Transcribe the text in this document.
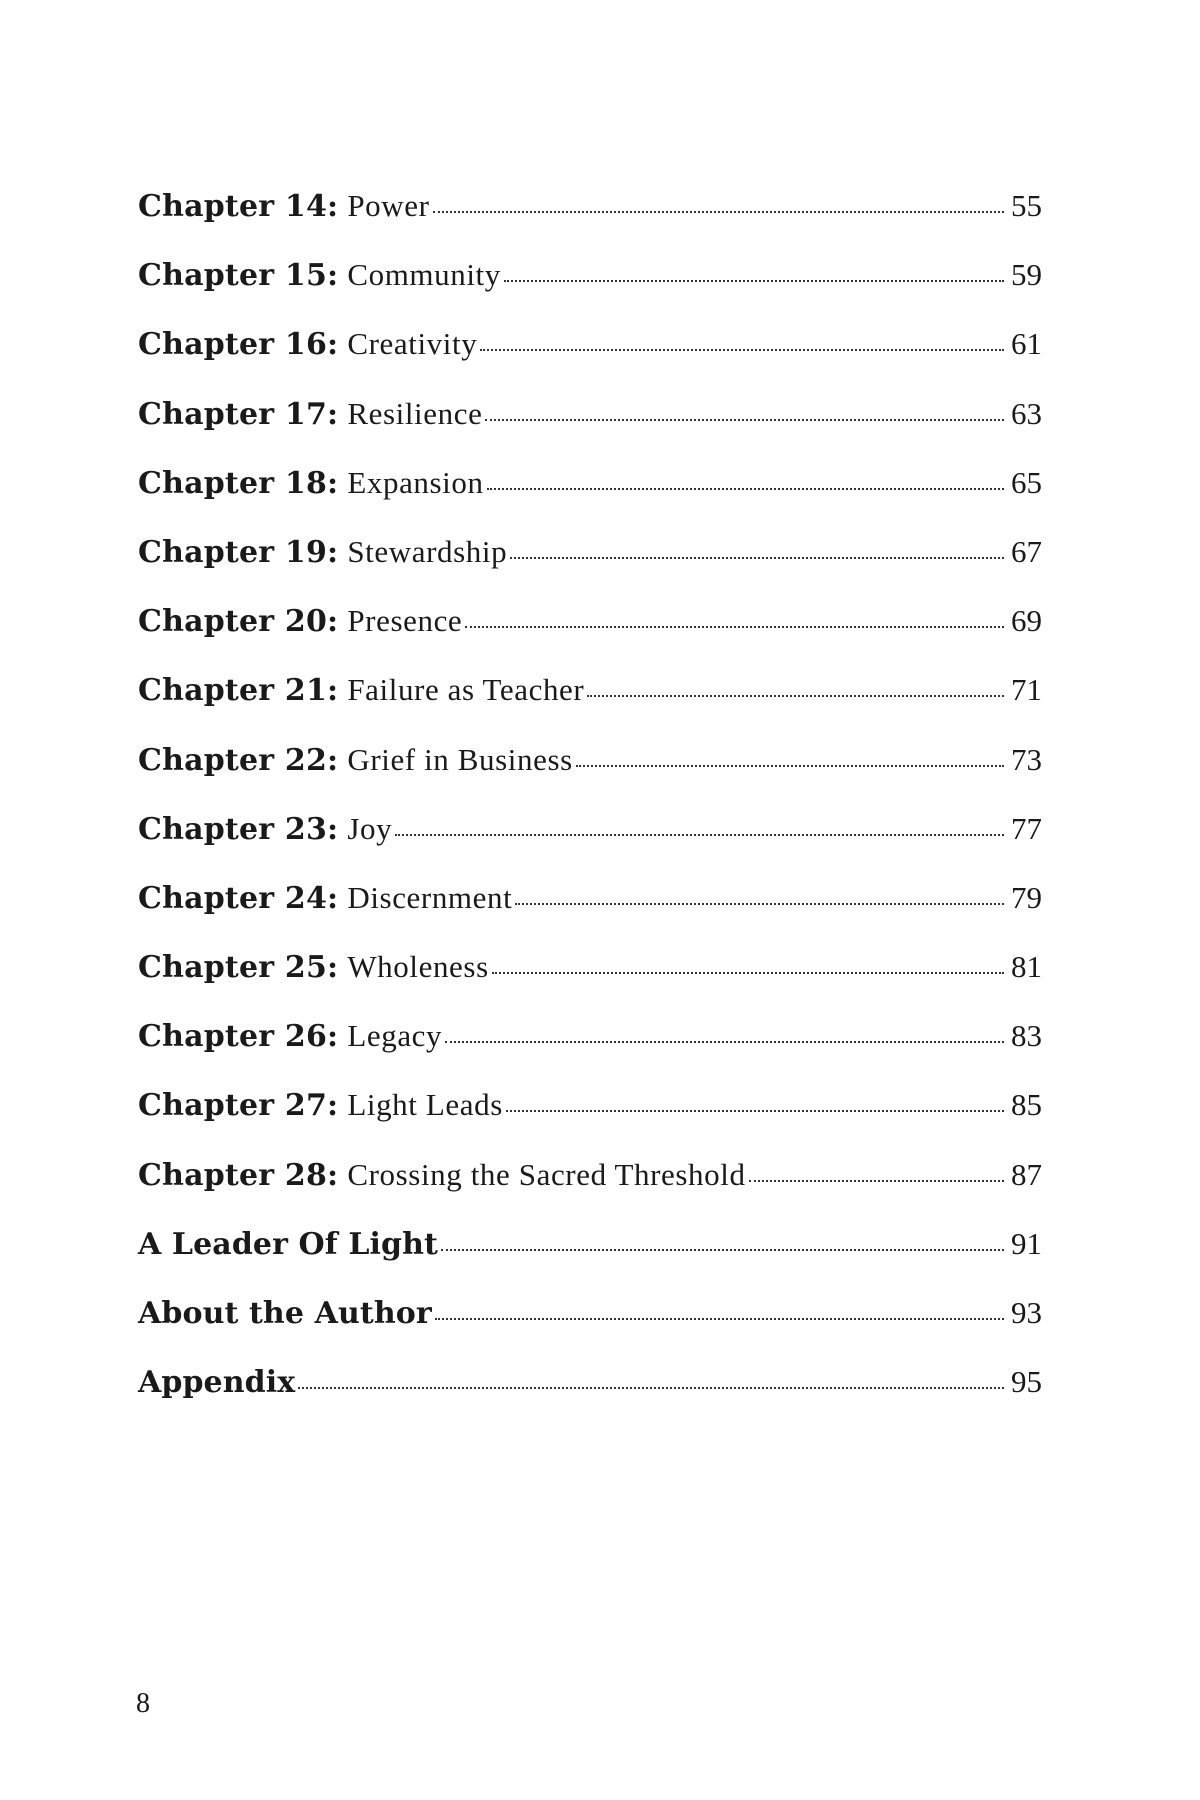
Chapter 14: Power	55
Chapter 15: Community	59
Chapter 16: Creativity	61
Chapter 17: Resilience	63
Chapter 18: Expansion	65
Chapter 19: Stewardship	67
Chapter 20: Presence	69
Chapter 21: Failure as Teacher	71
Chapter 22: Grief in Business	73
Chapter 23: Joy	77
Chapter 24: Discernment	79
Chapter 25: Wholeness	81
Chapter 26: Legacy	83
Chapter 27: Light Leads	85
Chapter 28: Crossing the Sacred Threshold	87
A Leader Of Light	91
About the Author	93
Appendix	95
8
